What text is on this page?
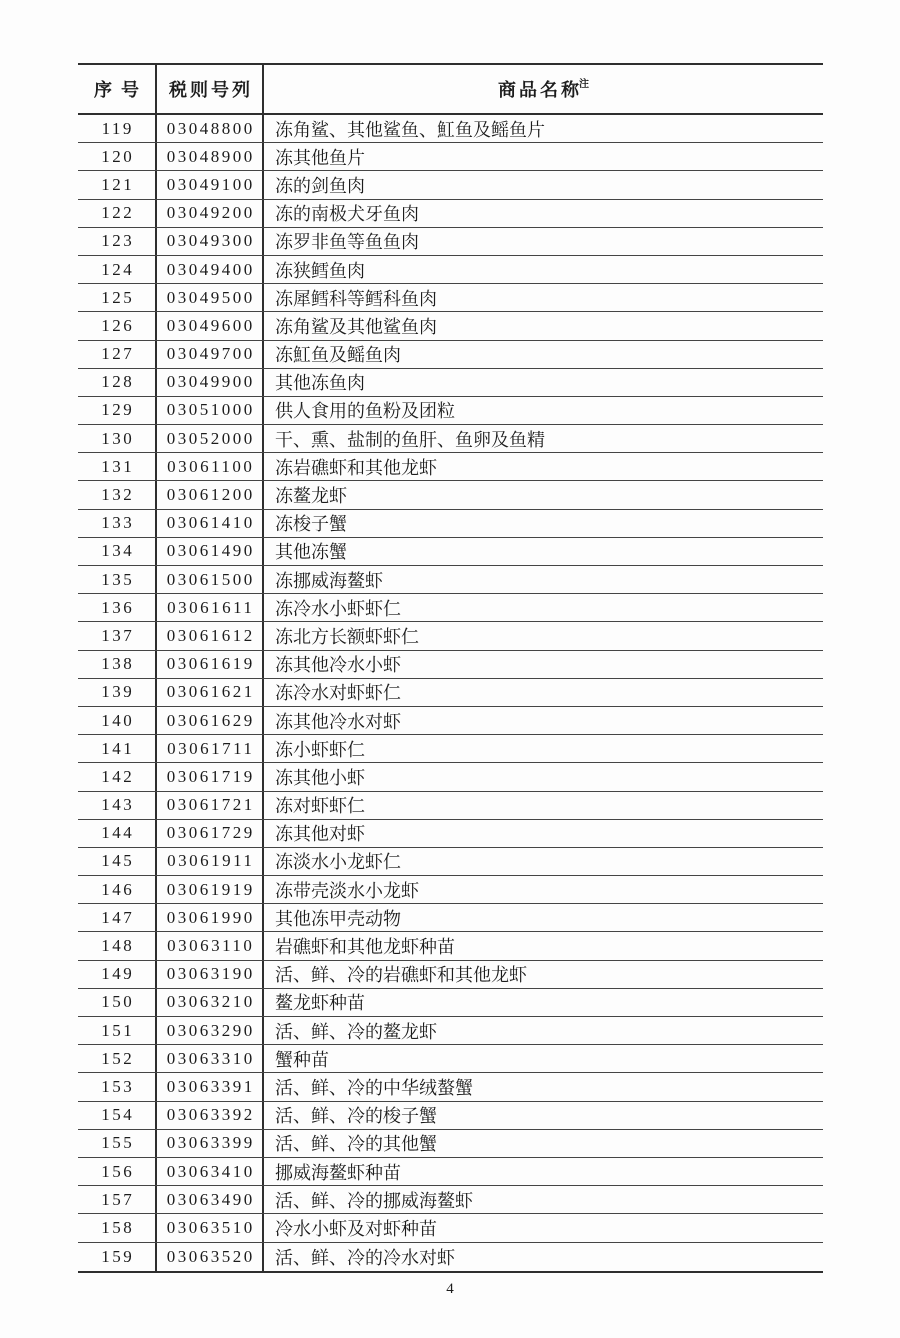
序号 税则号列	商品名称
注
119 03048800 冻角鲨、其他鲨鱼、魟鱼及鳐鱼片
120 03048900 冻其他鱼片
121 03049100 冻的剑鱼肉
122 03049200 冻的南极犬牙鱼肉
123 03049300 冻罗非鱼等鱼鱼肉
124 03049400 冻狭鳕鱼肉
125 03049500 冻犀鳕科等鳕科鱼肉
126 03049600 冻角鲨及其他鲨鱼肉
127 03049700 冻魟鱼及鳐鱼肉
128 03049900 其他冻鱼肉
129 03051000 供人食用的鱼粉及团粒
130 03052000 干、熏、盐制的鱼肝、鱼卵及鱼精
131 03061100 冻岩礁虾和其他龙虾
132 03061200 冻鳌龙虾
133 03061410 冻梭子蟹
134 03061490 其他冻蟹
135 03061500 冻挪威海鳌虾
136 03061611 冻冷水小虾虾仁
137 03061612 冻北方长额虾虾仁
138 03061619 冻其他冷水小虾
139 03061621 冻冷水对虾虾仁
140 03061629 冻其他冷水对虾
141 03061711 冻小虾虾仁
142 03061719 冻其他小虾
143 03061721 冻对虾虾仁
144 03061729 冻其他对虾
145 03061911 冻淡水小龙虾仁
146 03061919 冻带壳淡水小龙虾
147 03061990 其他冻甲壳动物
148 03063110 岩礁虾和其他龙虾种苗
149 03063190 活、鲜、冷的岩礁虾和其他龙虾
150 03063210 鳌龙虾种苗
151 03063290 活、鲜、冷的鳌龙虾
152 03063310 蟹种苗
153 03063391 活、鲜、冷的中华绒螯蟹
154 03063392 活、鲜、冷的梭子蟹
155 03063399 活、鲜、冷的其他蟹
156 03063410 挪威海鳌虾种苗
157 03063490 活、鲜、冷的挪威海鳌虾
158 03063510 冷水小虾及对虾种苗
159 03063520 活、鲜、冷的冷水对虾
4
